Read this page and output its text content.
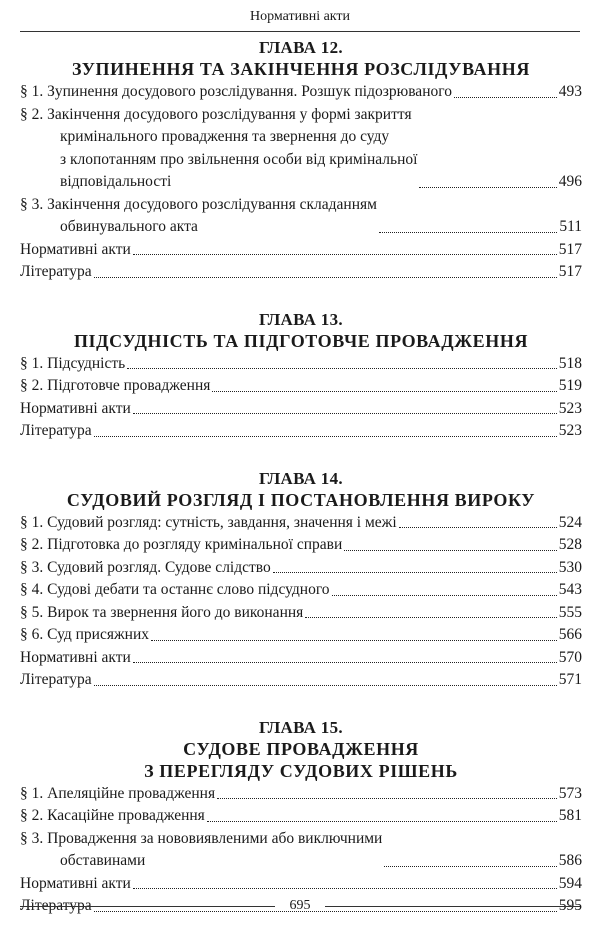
Нормативні акти
ГЛАВА 12.
ЗУПИНЕННЯ ТА ЗАКІНЧЕННЯ РОЗСЛІДУВАННЯ
§ 1. Зупинення досудового розслідування. Розшук підозрюваного	493
§ 2. Закінчення досудового розслідування у формі закриття
кримінального провадження та звернення до суду
з клопотанням про звільнення особи від кримінальної
відповідальності	496
§ 3. Закінчення досудового розслідування складанням
обвинувального акта	511
Нормативні акти	517
Література	517
ГЛАВА 13.
ПІДСУДНІСТЬ ТА ПІДГОТОВЧЕ ПРОВАДЖЕННЯ
§ 1. Підсудність	518
§ 2. Підготовче провадження	519
Нормативні акти	523
Література	523
ГЛАВА 14.
СУДОВИЙ РОЗГЛЯД І ПОСТАНОВЛЕННЯ ВИРОКУ
§ 1. Судовий розгляд: сутність, завдання, значення і межі	524
§ 2. Підготовка до розгляду кримінальної справи	528
§ 3. Судовий розгляд. Судове слідство	530
§ 4. Судові дебати та останнє слово підсудного	543
§ 5. Вирок та звернення його до виконання	555
§ 6. Суд присяжних	566
Нормативні акти	570
Література	571
ГЛАВА 15.
СУДОВЕ ПРОВАДЖЕННЯ
З ПЕРЕГЛЯДУ СУДОВИХ РІШЕНЬ
§ 1. Апеляційне провадження	573
§ 2. Касаційне провадження	581
§ 3. Провадження за нововиявленими або виключними
обставинами	586
Нормативні акти	594
Література	595
695
